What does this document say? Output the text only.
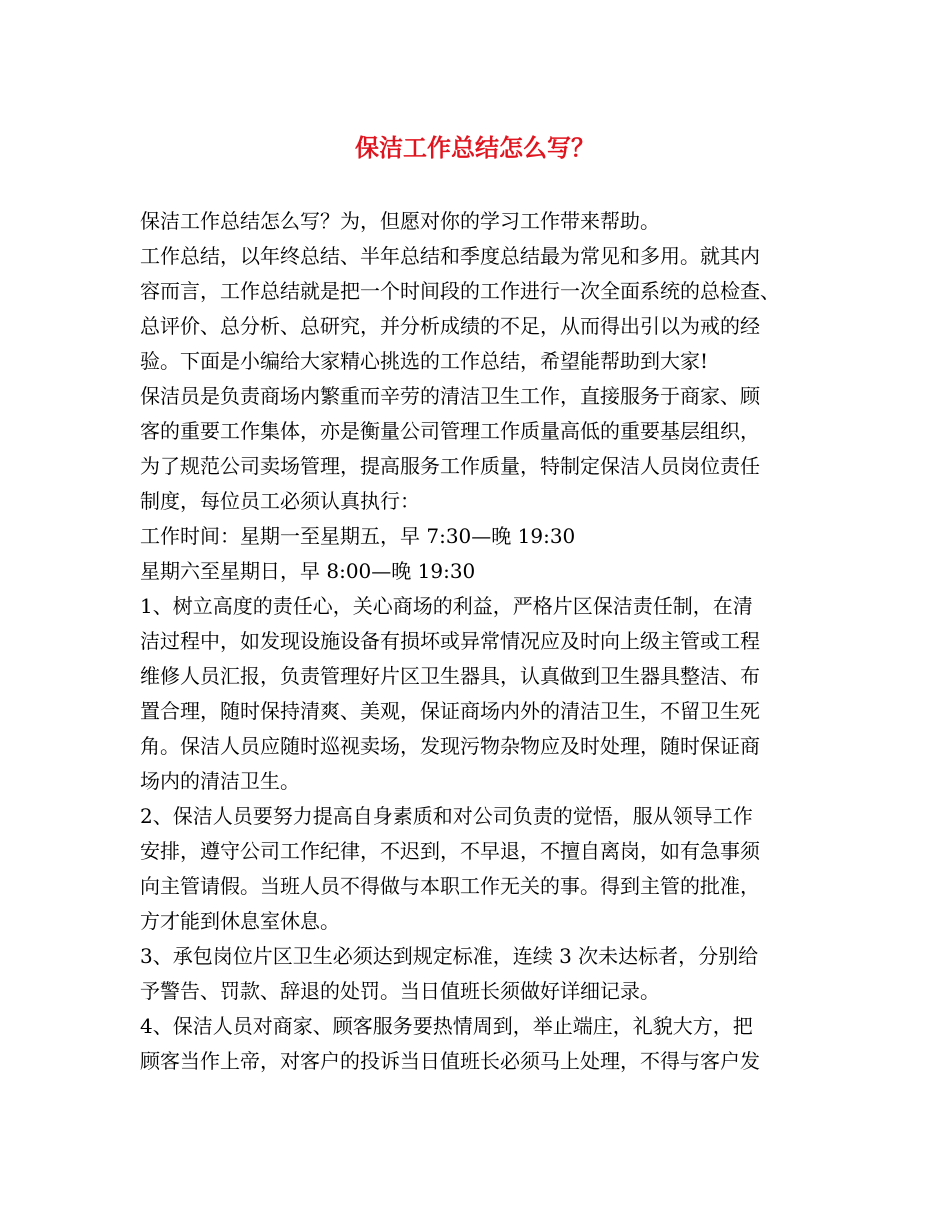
保洁工作总结怎么写？

保洁工作总结怎么写？为，但愿对你的学习工作带来帮助。

工作总结，以年终总结、半年总结和季度总结最为常见和多用。就其内

容而言，工作总结就是把一个时间段的工作进行一次全面系统的总检查、

总评价、总分析、总研究，并分析成绩的不足，从而得出引以为戒的经

验。下面是小编给大家精心挑选的工作总结，希望能帮助到大家!

保洁员是负责商场内繁重而辛劳的清洁卫生工作，直接服务于商家、顾

客的重要工作集体，亦是衡量公司管理工作质量高低的重要基层组织，

为了规范公司卖场管理，提高服务工作质量，特制定保洁人员岗位责任

制度，每位员工必须认真执行：

工作时间：星期一至星期五，早 7:30—晚 19:30

星期六至星期日，早 8:00—晚 19:30

1、树立高度的责任心，关心商场的利益，严格片区保洁责任制，在清

洁过程中，如发现设施设备有损坏或异常情况应及时向上级主管或工程

维修人员汇报，负责管理好片区卫生器具，认真做到卫生器具整洁、布

置合理，随时保持清爽、美观，保证商场内外的清洁卫生，不留卫生死

角。保洁人员应随时巡视卖场，发现污物杂物应及时处理，随时保证商

场内的清洁卫生。

2、保洁人员要努力提高自身素质和对公司负责的觉悟，服从领导工作

安排，遵守公司工作纪律，不迟到，不早退，不擅自离岗，如有急事须

向主管请假。当班人员不得做与本职工作无关的事。得到主管的批准，

方才能到休息室休息。

3、承包岗位片区卫生必须达到规定标准，连续 3 次未达标者，分别给

予警告、罚款、辞退的处罚。当日值班长须做好详细记录。

4、保洁人员对商家、顾客服务要热情周到，举止端庄，礼貌大方，把

顾客当作上帝，对客户的投诉当日值班长必须马上处理，不得与客户发
